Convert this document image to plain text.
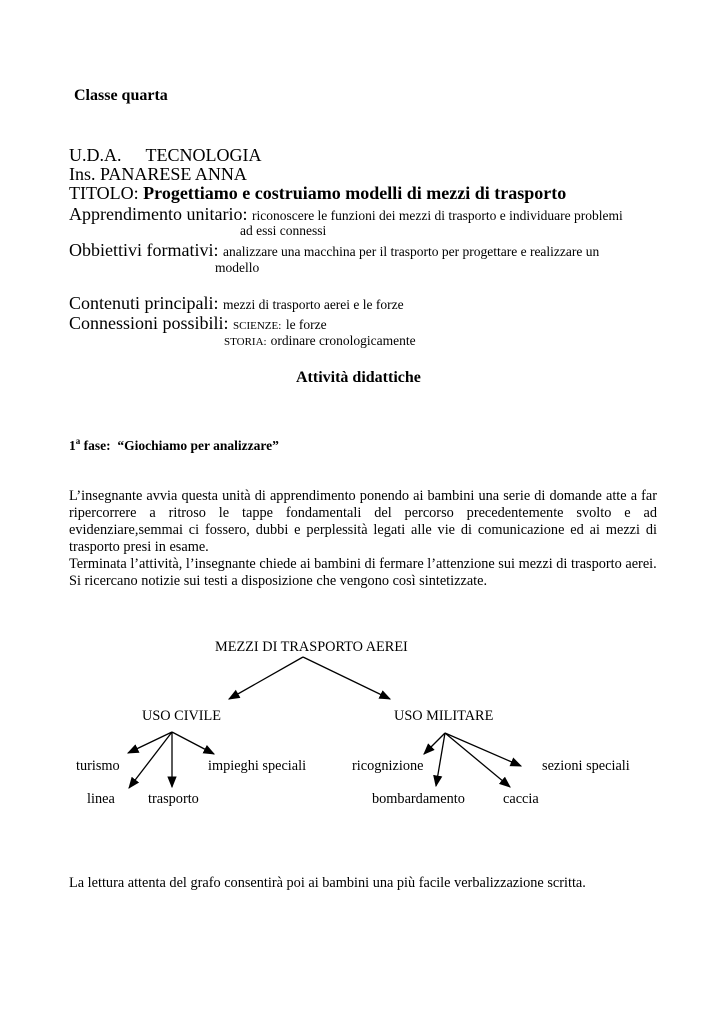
Classe quarta
U.D.A. TECNOLOGIA
Ins. PANARESE ANNA
TITOLO: Progettiamo e costruiamo modelli di mezzi di trasporto
Apprendimento unitario: riconoscere le funzioni dei mezzi di trasporto e individuare problemi
ad essi connessi
Obbiettivi formativi: analizzare una macchina per il trasporto per progettare e realizzare un
modello
Contenuti principali: mezzi di trasporto aerei e le forze
Connessioni possibili: SCIENZE: le forze
STORIA: ordinare cronologicamente
Attività didattiche
1$^a$ fase: “Giochiamo per analizzare”

L’insegnante avvia questa unità di apprendimento ponendo ai bambini una serie di domande atte a far ripercorrere a ritroso le tappe fondamentali del percorso precedentemente svolto e ad evidenziare,semmai ci fossero, dubbi e perplessità legati alle vie di comunicazione ed ai mezzi di trasporto presi in esame.

Terminata l’attività, l’insegnante chiede ai bambini di fermare l’attenzione sui mezzi di trasporto aerei.

Si ricercano notizie sui testi a disposizione che vengono così sintetizzate.

MEZZI DI TRASPORTO AEREI
USO CIVILE	USO MILITARE
turismo
linea trasporto
impieghi speciali	ricognizione
bombardamento	caccia
sezioni speciali
La lettura attenta del grafo consentirà poi ai bambini una più facile verbalizzazione scritta.
